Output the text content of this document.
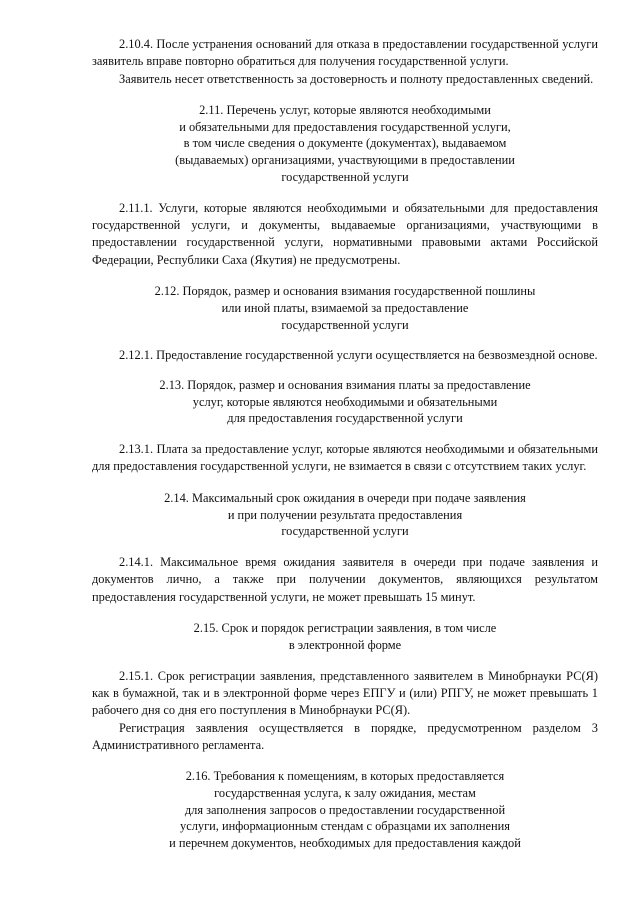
2.10.4. После устранения оснований для отказа в предоставлении государственной услуги заявитель вправе повторно обратиться для получения государственной услуги.

Заявитель несет ответственность за достоверность и полноту предоставленных сведений.

2.11. Перечень услуг, которые являются необходимыми
и обязательными для предоставления государственной услуги,
в том числе сведения о документе (документах), выдаваемом
(выдаваемых) организациями, участвующими в предоставлении
государственной услуги

2.11.1. Услуги, которые являются необходимыми и обязательными для предоставления государственной услуги, и документы, выдаваемые организациями, участвующими в предоставлении государственной услуги, нормативными правовыми актами Российской Федерации, Республики Саха (Якутия) не предусмотрены.

2.12. Порядок, размер и основания взимания государственной пошлины
или иной платы, взимаемой за предоставление
государственной услуги

2.12.1. Предоставление государственной услуги осуществляется на безвозмездной основе.

2.13. Порядок, размер и основания взимания платы за предоставление
услуг, которые являются необходимыми и обязательными
для предоставления государственной услуги

2.13.1. Плата за предоставление услуг, которые являются необходимыми и обязательными для предоставления государственной услуги, не взимается в связи с отсутствием таких услуг.

2.14. Максимальный срок ожидания в очереди при подаче заявления
и при получении результата предоставления
государственной услуги

2.14.1. Максимальное время ожидания заявителя в очереди при подаче заявления и документов лично, а также при получении документов, являющихся результатом предоставления государственной услуги, не может превышать 15 минут.

2.15. Срок и порядок регистрации заявления, в том числе
в электронной форме

2.15.1. Срок регистрации заявления, представленного заявителем в Минобрнауки РС(Я) как в бумажной, так и в электронной форме через ЕПГУ и (или) РПГУ, не может превышать 1 рабочего дня со дня его поступления в Минобрнауки РС(Я).

Регистрация заявления осуществляется в порядке, предусмотренном разделом 3 Административного регламента.

2.16. Требования к помещениям, в которых предоставляется
государственная услуга, к залу ожидания, местам
для заполнения запросов о предоставлении государственной
услуги, информационным стендам с образцами их заполнения
и перечнем документов, необходимых для предоставления каждой
